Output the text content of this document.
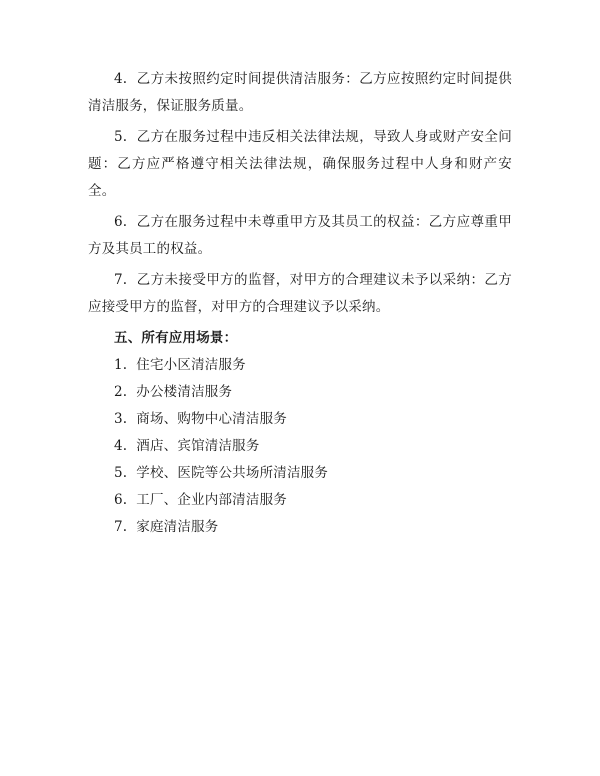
4. 乙方未按照约定时间提供清洁服务：乙方应按照约定时间提供清洁服务，保证服务质量。

5. 乙方在服务过程中违反相关法律法规，导致人身或财产安全问题：乙方应严格遵守相关法律法规，确保服务过程中人身和财产安全。

6. 乙方在服务过程中未尊重甲方及其员工的权益：乙方应尊重甲方及其员工的权益。

7. 乙方未接受甲方的监督，对甲方的合理建议未予以采纳：乙方应接受甲方的监督，对甲方的合理建议予以采纳。

五、所有应用场景：

1. 住宅小区清洁服务

2. 办公楼清洁服务

3. 商场、购物中心清洁服务

4. 酒店、宾馆清洁服务

5. 学校、医院等公共场所清洁服务

6. 工厂、企业内部清洁服务

7. 家庭清洁服务
